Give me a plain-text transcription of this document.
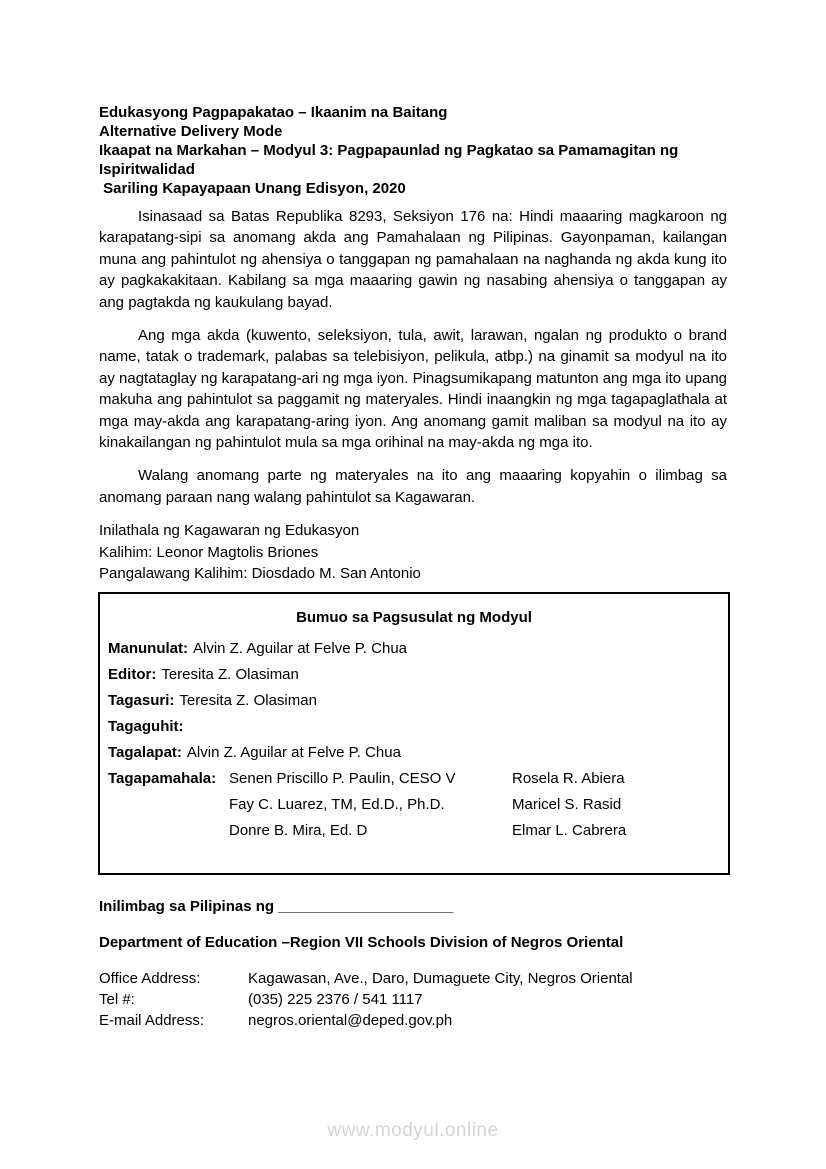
Edukasyong Pagpapakatao – Ikaanim na Baitang
Alternative Delivery Mode
Ikaapat na Markahan – Modyul 3: Pagpapaunlad ng Pagkatao sa Pamamagitan ng Ispiritwalidad
Sariling Kapayapaan Unang Edisyon, 2020

Isinasaad sa Batas Republika 8293, Seksiyon 176 na: Hindi maaaring magkaroon ng karapatang-sipi sa anomang akda ang Pamahalaan ng Pilipinas. Gayonpaman, kailangan muna ang pahintulot ng ahensiya o tanggapan ng pamahalaan na naghanda ng akda kung ito ay pagkakakitaan. Kabilang sa mga maaaring gawin ng nasabing ahensiya o tanggapan ay ang pagtakda ng kaukulang bayad.

Ang mga akda (kuwento, seleksiyon, tula, awit, larawan, ngalan ng produkto o brand name, tatak o trademark, palabas sa telebisiyon, pelikula, atbp.) na ginamit sa modyul na ito ay nagtataglay ng karapatang-ari ng mga iyon. Pinagsumikapang matunton ang mga ito upang makuha ang pahintulot sa paggamit ng materyales. Hindi inaangkin ng mga tagapaglathala at mga may-akda ang karapatang-aring iyon. Ang anomang gamit maliban sa modyul na ito ay kinakailangan ng pahintulot mula sa mga orihinal na may-akda ng mga ito.

Walang anomang parte ng materyales na ito ang maaaring kopyahin o ilimbag sa anomang paraan nang walang pahintulot sa Kagawaran.

Inilathala ng Kagawaran ng Edukasyon
Kalihim: Leonor Magtolis Briones
Pangalawang Kalihim: Diosdado M. San Antonio
Bumuo sa Pagsusulat ng Modyul
Manunulat: Alvin Z. Aguilar at Felve P. Chua
Editor: Teresita Z. Olasiman
Tagasuri: Teresita Z. Olasiman
Tagaguhit:
Tagalapat: Alvin Z. Aguilar at Felve P. Chua
Tagapamahala: Senen Priscillo P. Paulin, CESO V	Rosela R. Abiera
Fay C. Luarez, TM, Ed.D., Ph.D.	Maricel S. Rasid
Donre B. Mira, Ed. D	Elmar L. Cabrera
Inilimbag sa Pilipinas ng _____________________
Department of Education –Region VII Schools Division of Negros Oriental
Office Address:	Kagawasan, Ave., Daro, Dumaguete City, Negros Oriental
Tel #:	(035) 225 2376 / 541 1117
E-mail Address:	negros.oriental@deped.gov.ph
www.modyul.online
